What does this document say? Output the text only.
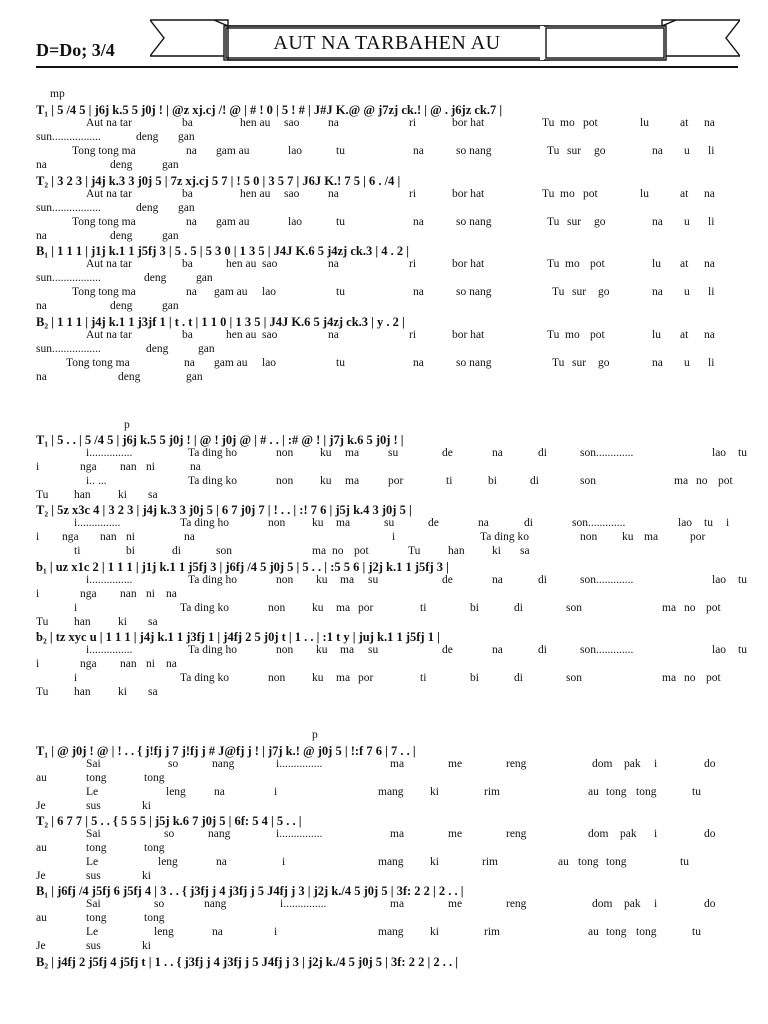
D=Do; 3/4	AUT NA TARBAHEN AU
mp
T₁ | 5 /4 5 | j6j k.5 5 j0j ! | @z xj.cj /! @ | # ! 0 | 5 ! # | J#J K.@ @ j7zj ck.! | @ . j6jz ck.7 |
Aut na tar	ba	hen au sao na	ri	bor hat	Tu mo pot	lu	at na
sun.................	deng gan
Tong tong ma	na gam au	lao	tu	na	so nang	Tu sur go	na u li
na	deng	gan
T₂ | 3 2 3 | j4j k.3 3 j0j 5 | 7z xj.cj 5 7 | ! 5 0 | 3 5 7 | J6J K.! 7 5 | 6 . /4 |
Aut na tar	ba	hen au sao na	ri	bor hat	Tu mo pot	lu	at na
sun.................	deng gan
Tong tong ma	na gam au	lao	tu	na	so nang	Tu sur go	na u li
na	deng	gan
B₁ | 1 1 1 | j1j k.1 1 j5fj 3 | 5 . 5 | 5 3 0 | 1 3 5 | J4J K.6 5 j4zj ck.3 | 4 . 2 |
Aut na tar	ba	hen au sao	na	ri	bor hat	Tu mo pot	lu at na
sun.................	deng	gan
Tong tong ma	na gam au lao	tu	na	so nang	Tu sur go	na u li
na	deng	gan
B₂ | 1 1 1 | j4j k.1 1 j3jf 1 | t . t | 1 1 0 | 1 3 5 | J4J K.6 5 j4zj ck.3 | y . 2 |
Aut na tar	ba	hen au sao	na	ri	bor hat	Tu mo pot	lu at na
sun.................	deng	gan
Tong tong ma	na gam au lao	tu	na	so nang	Tu sur go	na u li
na	deng	gan
p
T₁ | 5 . . | 5 /4 5 | j6j k.5 5 j0j ! | @ ! j0j @ | # . . | :# @ ! | j7j k.6 5 j0j ! |
i...............	Ta ding ho	non ku ma	su	de	na	di	son.............	lao tu
i	nga nan ni	na
i.. ...	Ta ding ko	non ku ma	por	ti	bi	di	son	ma no pot
Tu han ki sa
T₂ | 5z x3c 4 | 3 2 3 | j4j k.3 3 j0j 5 | 6 7 j0j 7 | ! . . | :! 7 6 | j5j k.4 3 j0j 5 |
i...............	Ta ding ho	non ku ma	su	de	na	di	son.............	lao tu i
i nga nan ni	na	i	Ta ding ko	non ku ma	por
ti	bi	di	son	ma no pot	Tu han ki sa
b₁ | uz x1c 2 | 1 1 1 | j1j k.1 1 j5fj 3 | j6fj /4 5 j0j 5 | 5 . . | :5 5 6 | j2j k.1 1 j5fj 3 |
i...............	Ta ding ho	non ku ma su	de	na	di	son.............	lao tu
i	nga nan ni na
i	Ta ding ko	non ku ma por	ti	bi	di	son	ma no pot
Tu han ki sa
b₂ | tz xyc u | 1 1 1 | j4j k.1 1 j3fj 1 | j4fj 2 5 j0j t | 1 . . | :1 t y | juj k.1 1 j5fj 1 |
i...............	Ta ding ho	non ku ma su	de	na	di	son.............	lao tu
i	nga nan ni na
i	Ta ding ko	non ku ma por	ti	bi	di	son	ma no pot
Tu han ki sa
p
T₁ | @ j0j ! @ | ! . . { j!fj j 7 j!fj j # J@fj j ! | j7j k.! @ j0j 5 | !:f 7 6 | 7 . . |
Sai	so	nang	i...............	ma	me	reng	dom pak i	do
au	tong	tong
Le	leng na	i	mang ki	rim	au tong tong	tu
Je	sus	ki
T₂ | 6 7 7 | 5 . . { 5 5 5 | j5j k.6 7 j0j 5 | 6f: 5 4 | 5 . . |
Sai	so	nang	i...............	ma	me	reng	dom pak i	do
au	tong	tong
Le	leng	na	i	mang ki	rim	au tong tong	tu
Je	sus	ki
B₁ | j6fj /4 j5fj 6 j5fj 4 | 3 . . { j3fj j 4 j3fj j 5 J4fj j 3 | j2j k./4 5 j0j 5 | 3f: 2 2 | 2 . . |
Sai	so	nang	i...............	ma	me	reng	dom pak i	do
au	tong	tong
Le	leng	na	i	mang ki	rim	au tong tong	tu
Je	sus	ki
B₂ | j4fj 2 j5fj 4 j5fj t | 1 . . { j3fj j 4 j3fj j 5 J4fj j 3 | j2j k./4 5 j0j 5 | 3f: 2 2 | 2 . . |
